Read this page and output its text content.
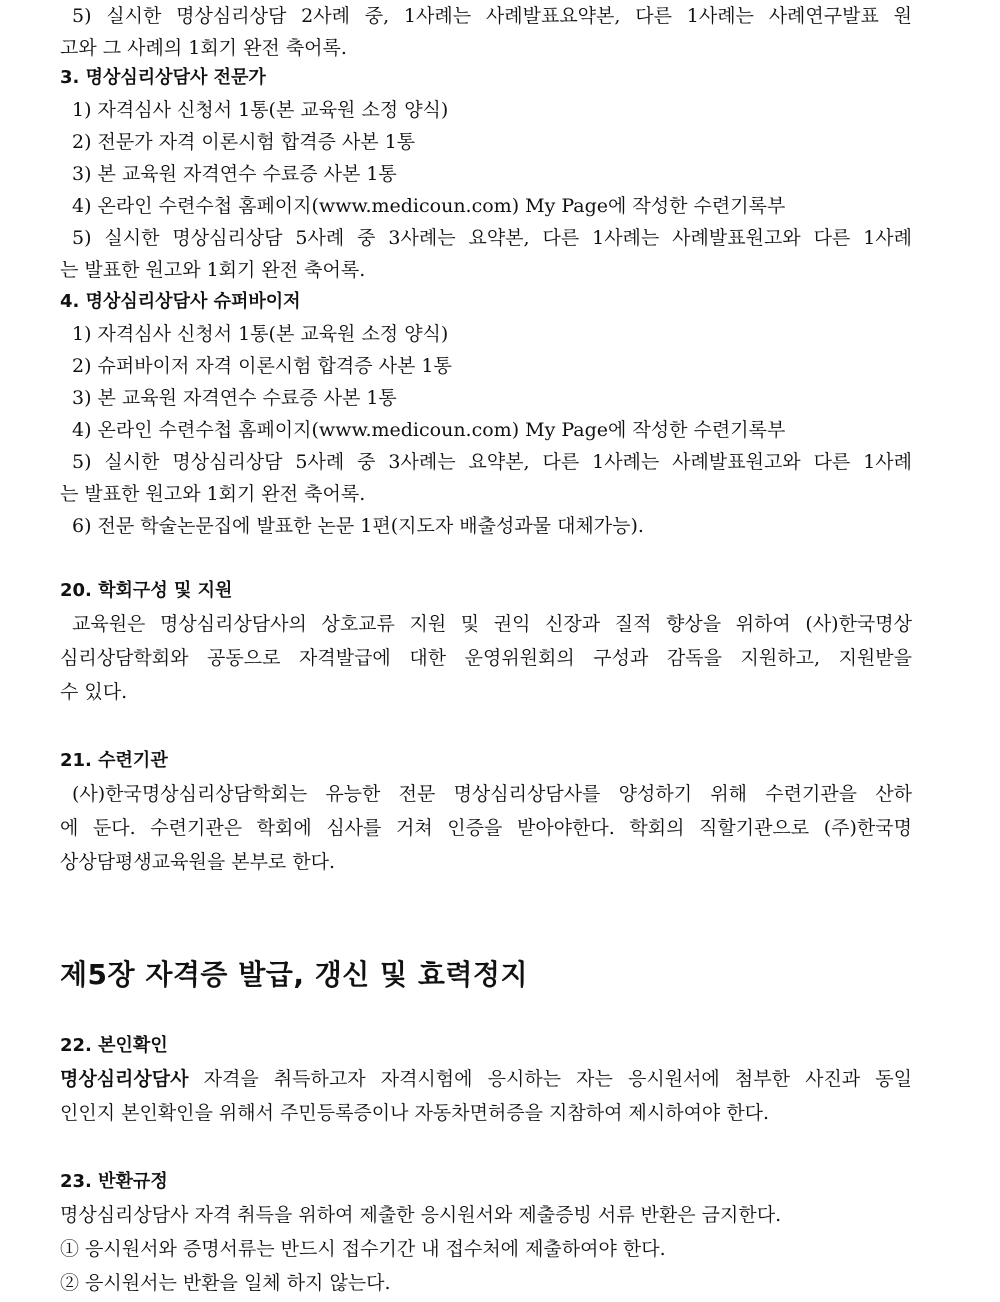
5) 실시한 명상심리상담 2사례 중, 1사례는 사례발표요약본, 다른 1사례는 사례연구발표 원
고와 그 사례의 1회기 완전 축어록.
3. 명상심리상담사 전문가
1) 자격심사 신청서 1통(본 교육원 소정 양식)
2) 전문가 자격 이론시험 합격증 사본 1통
3) 본 교육원 자격연수 수료증 사본 1통
4) 온라인 수련수첩 홈페이지(www.medicoun.com) My Page에 작성한 수련기록부
5) 실시한 명상심리상담 5사례 중 3사례는 요약본, 다른 1사례는 사례발표원고와 다른 1사례
는 발표한 원고와 1회기 완전 축어록.
4. 명상심리상담사 슈퍼바이저
1) 자격심사 신청서 1통(본 교육원 소정 양식)
2) 슈퍼바이저 자격 이론시험 합격증 사본 1통
3) 본 교육원 자격연수 수료증 사본 1통
4) 온라인 수련수첩 홈페이지(www.medicoun.com) My Page에 작성한 수련기록부
5) 실시한 명상심리상담 5사례 중 3사례는 요약본, 다른 1사례는 사례발표원고와 다른 1사례
는 발표한 원고와 1회기 완전 축어록.
6) 전문 학술논문집에 발표한 논문 1편(지도자 배출성과물 대체가능).
20. 학회구성 및 지원
교육원은 명상심리상담사의 상호교류 지원 및 권익 신장과 질적 향상을 위하여 (사)한국명상
심리상담학회와 공동으로 자격발급에 대한 운영위원회의 구성과 감독을 지원하고, 지원받을
수 있다.
21. 수련기관
(사)한국명상심리상담학회는 유능한 전문 명상심리상담사를 양성하기 위해 수련기관을 산하
에 둔다. 수련기관은 학회에 심사를 거쳐 인증을 받아야한다. 학회의 직할기관으로 (주)한국명
상상담평생교육원을 본부로 한다.
제5장 자격증 발급, 갱신 및 효력정지
22. 본인확인
명상심리상담사 자격을 취득하고자 자격시험에 응시하는 자는 응시원서에 첨부한 사진과 동일
인인지 본인확인을 위해서 주민등록증이나 자동차면허증을 지참하여 제시하여야 한다.
23. 반환규정
명상심리상담사 자격 취득을 위하여 제출한 응시원서와 제출증빙 서류 반환은 금지한다.
① 응시원서와 증명서류는 반드시 접수기간 내 접수처에 제출하여야 한다.
② 응시원서는 반환을 일체 하지 않는다.
